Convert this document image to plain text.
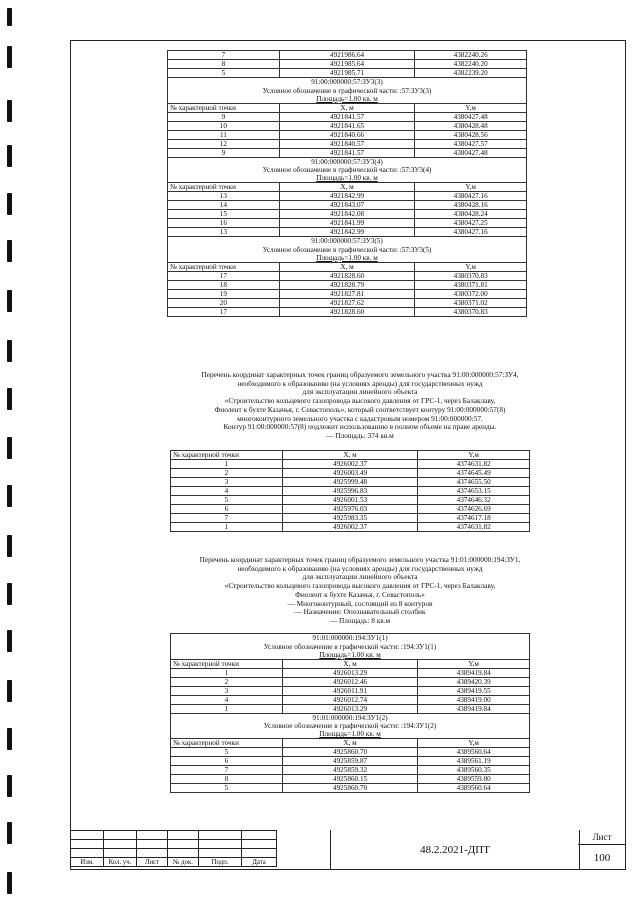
7	4921986.64	4382240.26
8	4921985.64	4382240.20
5	4921985.71	4382239.20
91:00:000000:57:ЗУ3(3)		
Условное обозначение в графической части: :57:ЗУ3(3)		
Площадь=1.00 кв. м		
№ характерной точки	X, м	Y,м
9	4921841.57	4380427.48
10	4921841.65	4380428.48
11	4921840.66	4380428.56
12	4921840.57	4380427.57
9	4921841.57	4380427.48
91:00:000000:57:ЗУ3(4)		
Условное обозначение в графической части: :57:ЗУ3(4)		
Площадь=1.00 кв. м		
№ характерной точки	X, м	Y,м
13	4921842.99	4380427.16
14	4921843.07	4380428.16
15	4921842.08	4380428.24
16	4921841.99	4380427.25
13	4921842.99	4380427.16
91:00:000000:57:ЗУ3(5)		
Условное обозначение в графической части: :57:ЗУ3(5)		
Площадь=1.00 кв. м		
№ характерной точки	X, м	Y,м
17	4921828.60	4380370.83
18	4921828.79	4380371.81
19	4921827.81	4380372.00
20	4921827.62	4380371.02
17	4921828.60	4380370.83
Перечень координат характерных точек границ образуемого земельного участка 91:00:000000:57:ЗУ4,
необходимого к образованию (на условиях аренды) для государственных нужд
для эксплуатации линейного объекта
«Строительство кольцевого газопровода высокого давления от ГРС-1, через Балаклаву,
Фиолент к бухте Казачья, г. Севастополь», который соответствует контуру 91:00:000000:57(8)
многоконтурного земельного участка с кадастровым номером 91:00:000000:57.
Контур 91:00:000000:57(8) подлежит использованию в полном объеме на праве аренды.
— Площадь: 374 кв.м
№ характерной точки	X, м	Y,м
1	4926002.37	4374631.82
2	4926003.49	4374645.49
3	4925999.48	4374655.50
4	4925996.83	4374653.15
5	4926001.53	4374646.32
6	4925976.03	4374626.69
7	4925983.35	4374617.18
1	4926002.37	4374631.82
Перечень координат характерных точек границ образуемого земельного участка 91:01:000000:194:ЗУ1,
необходимого к образованию (на условиях аренды) для государственных нужд
для эксплуатации линейного объекта
«Строительство кольцевого газопровода высокого давления от ГРС-1, через Балаклаву,
Фиолент к бухте Казачья, г. Севастополь»
— Многоконтурный, состоящий из 8 контуров
— Назначение: Опознавательный столбик
— Площадь: 8 кв.м
91:01:000000:194:ЗУ1(1)		
Условное обозначение в графической части: :194:ЗУ1(1)		
Площадь=1.00 кв. м		
№ характерной точки	X, м	Y,м
1	4926013.29	4389419.84
2	4926012.46	4389420.39
3	4926011.91	4389419.55
4	4926012.74	4389419.00
1	4926013.29	4389419.84
91:01:000000:194:ЗУ1(2)		
Условное обозначение в графической части: :194:ЗУ1(2)		
Площадь=1.00 кв. м		
№ характерной точки	X, м	Y,м
5	4925860.70	4389560.64
6	4925859.87	4389561.19
7	4925859.32	4389560.35
8	4925860.15	4389559.80
5	4925860.70	4389560.64

Изм.	Кол. уч.	Лист	№ док.	Подп.	Дата
48.2.2021-ДПТ
Лист
100
